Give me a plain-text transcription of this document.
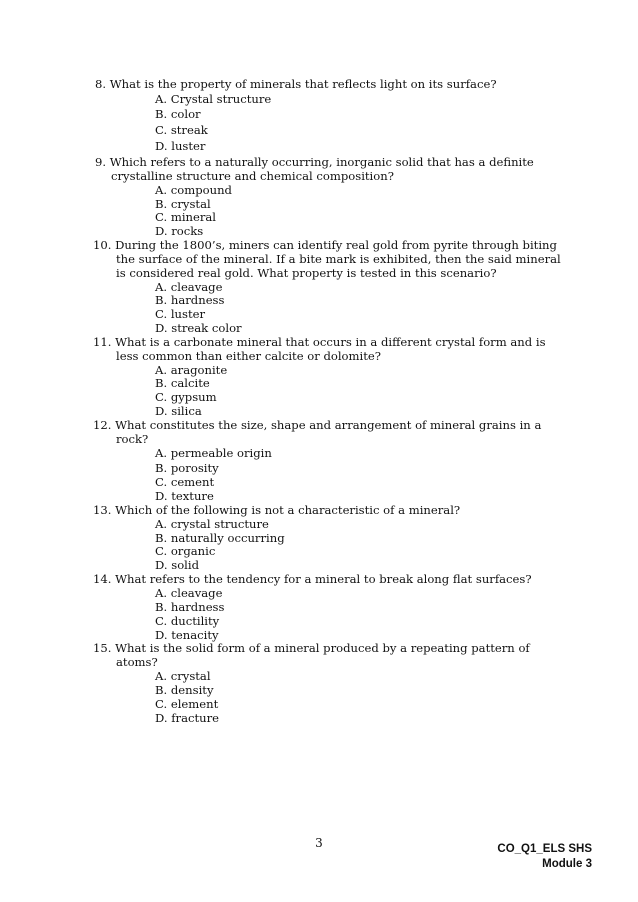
8. What is the property of minerals that reflects light on its surface?
A. Crystal structure
B. color
C. streak
D. luster
9. Which refers to a naturally occurring, inorganic solid that has a definite
crystalline structure and chemical composition?
A. compound
B. crystal
C. mineral
D. rocks
10. During the 1800’s, miners can identify real gold from pyrite through biting
the surface of the mineral. If a bite mark is exhibited, then the said mineral
is considered real gold. What property is tested in this scenario?
A. cleavage
B. hardness
C. luster
D. streak color
11. What is a carbonate mineral that occurs in a different crystal form and is
less common than either calcite or dolomite?
A. aragonite
B. calcite
C. gypsum
D. silica
12. What constitutes the size, shape and arrangement of mineral grains in a
rock?
A. permeable origin
B. porosity
C. cement
D. texture
13. Which of the following is not a characteristic of a mineral?
A. crystal structure
B. naturally occurring
C. organic
D. solid
14. What refers to the tendency for a mineral to break along flat surfaces?
A. cleavage
B. hardness
C. ductility
D. tenacity
15. What is the solid form of a mineral produced by a repeating pattern of
atoms?
A. crystal
B. density
C. element
D. fracture
3	CO_Q1_ELS SHS
Module 3
